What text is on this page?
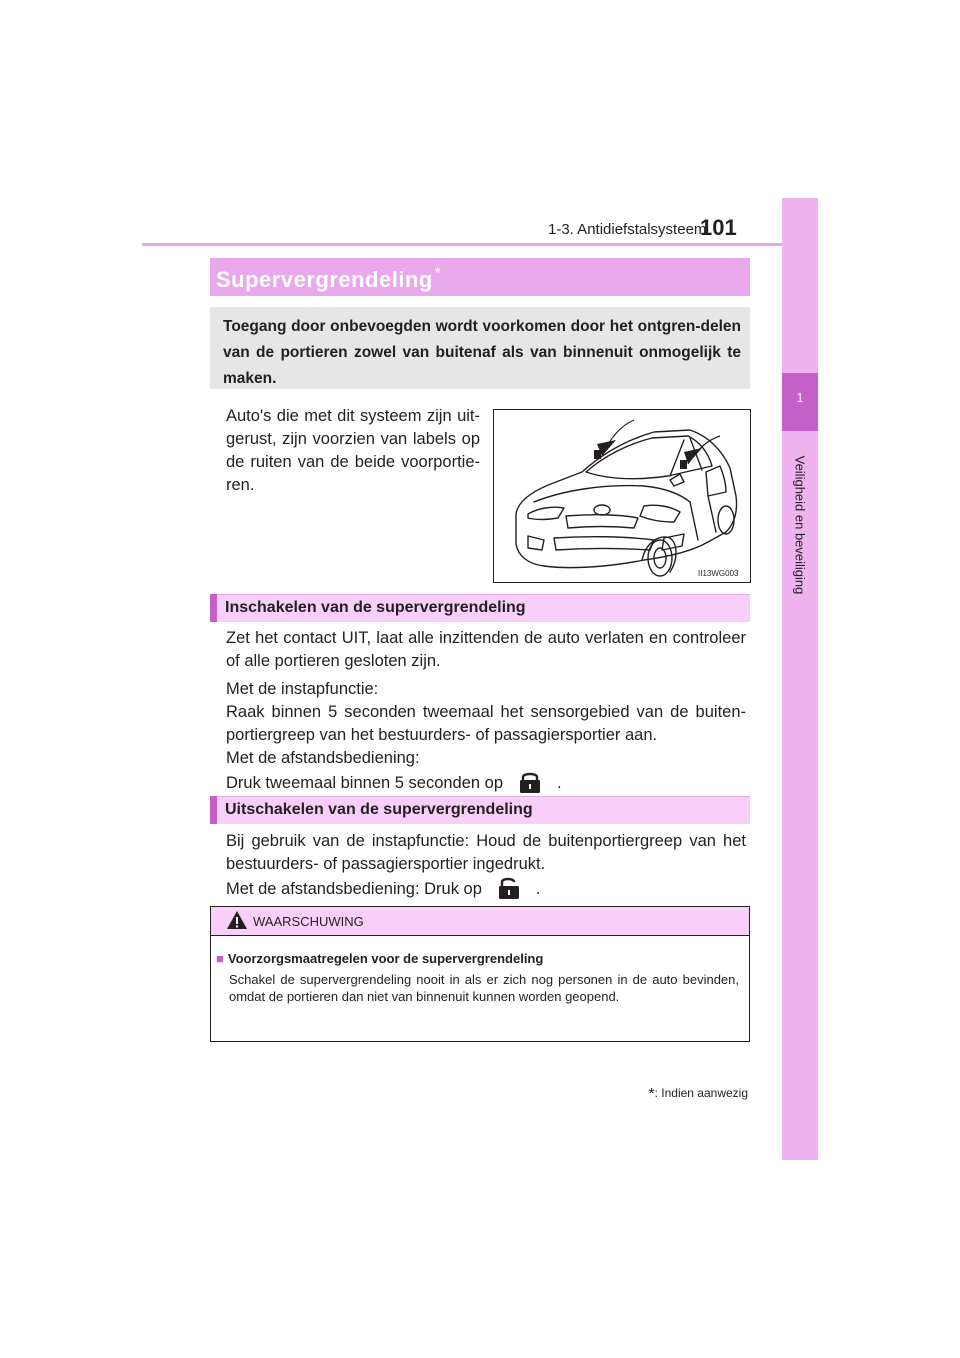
1-3. Antidiefstalsysteem
101
1
Veiligheid en beveiliging
Supervergrendeling *
Toegang door onbevoegden wordt voorkomen door het ontgren-delen van de portieren zowel van buitenaf als van binnenuit onmogelijk te maken.
Auto's die met dit systeem zijn uit-gerust, zijn voorzien van labels op de ruiten van de beide voorportie-ren.
II13WG003
Inschakelen van de supervergrendeling
Zet het contact UIT, laat alle inzittenden de auto verlaten en controleer of alle portieren gesloten zijn.
Met de instapfunctie:
Raak binnen 5 seconden tweemaal het sensorgebied van de buiten-
portiergreep van het bestuurders- of passagiersportier aan.
Met de afstandsbediening:
Druk tweemaal binnen 5 seconden op	.
Uitschakelen van de supervergrendeling
Bij gebruik van de instapfunctie: Houd de buitenportiergreep van het
bestuurders- of passagiersportier ingedrukt.
Met de afstandsbediening: Druk op	.
WAARSCHUWING
■ Voorzorgsmaatregelen voor de supervergrendeling
Schakel de supervergrendeling nooit in als er zich nog personen in de auto bevinden, omdat de portieren dan niet van binnenuit kunnen worden geopend.
*: Indien aanwezig
